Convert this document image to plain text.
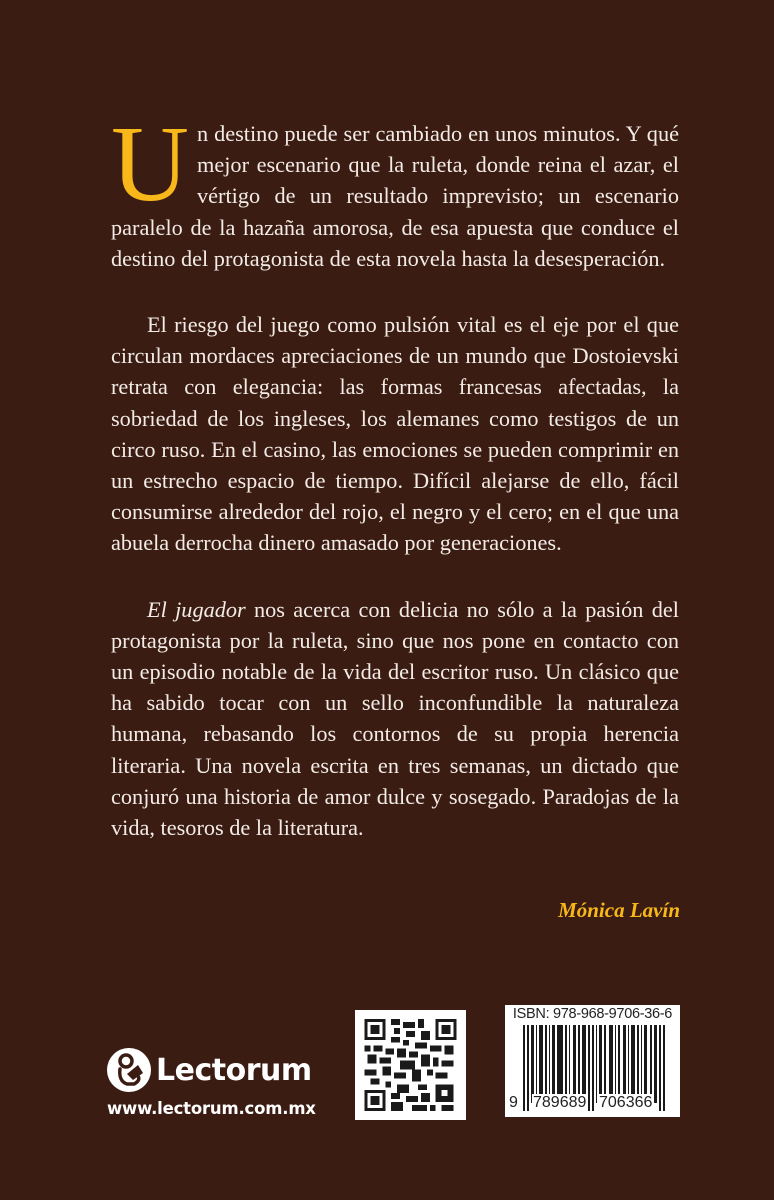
Un destino puede ser cambiado en unos minutos. Y qué mejor escenario que la ruleta, donde reina el azar, el vértigo de un resultado imprevisto; un escenario paralelo de la hazaña amorosa, de esa apuesta que conduce el destino del protagonista de esta novela hasta la desesperación.

El riesgo del juego como pulsión vital es el eje por el que circulan mordaces apreciaciones de un mundo que Dostoievski retrata con elegancia: las formas francesas afectadas, la sobriedad de los ingleses, los alemanes como testigos de un circo ruso. En el casino, las emociones se pueden comprimir en un estrecho espacio de tiempo. Difícil alejarse de ello, fácil consumirse alrededor del rojo, el negro y el cero; en el que una abuela derrocha dinero amasado por generaciones.

El jugador nos acerca con delicia no sólo a la pasión del protagonista por la ruleta, sino que nos pone en contacto con un episodio notable de la vida del escritor ruso. Un clásico que ha sabido tocar con un sello inconfundible la naturaleza humana, rebasando los contornos de su propia herencia literaria. Una novela escrita en tres semanas, un dictado que conjuró una historia de amor dulce y sosegado. Paradojas de la vida, tesoros de la literatura.

Mónica Lavín
Lectorum
www.lectorum.com.mx
ISBN: 978-968-9706-36-6
9 789689 706366
